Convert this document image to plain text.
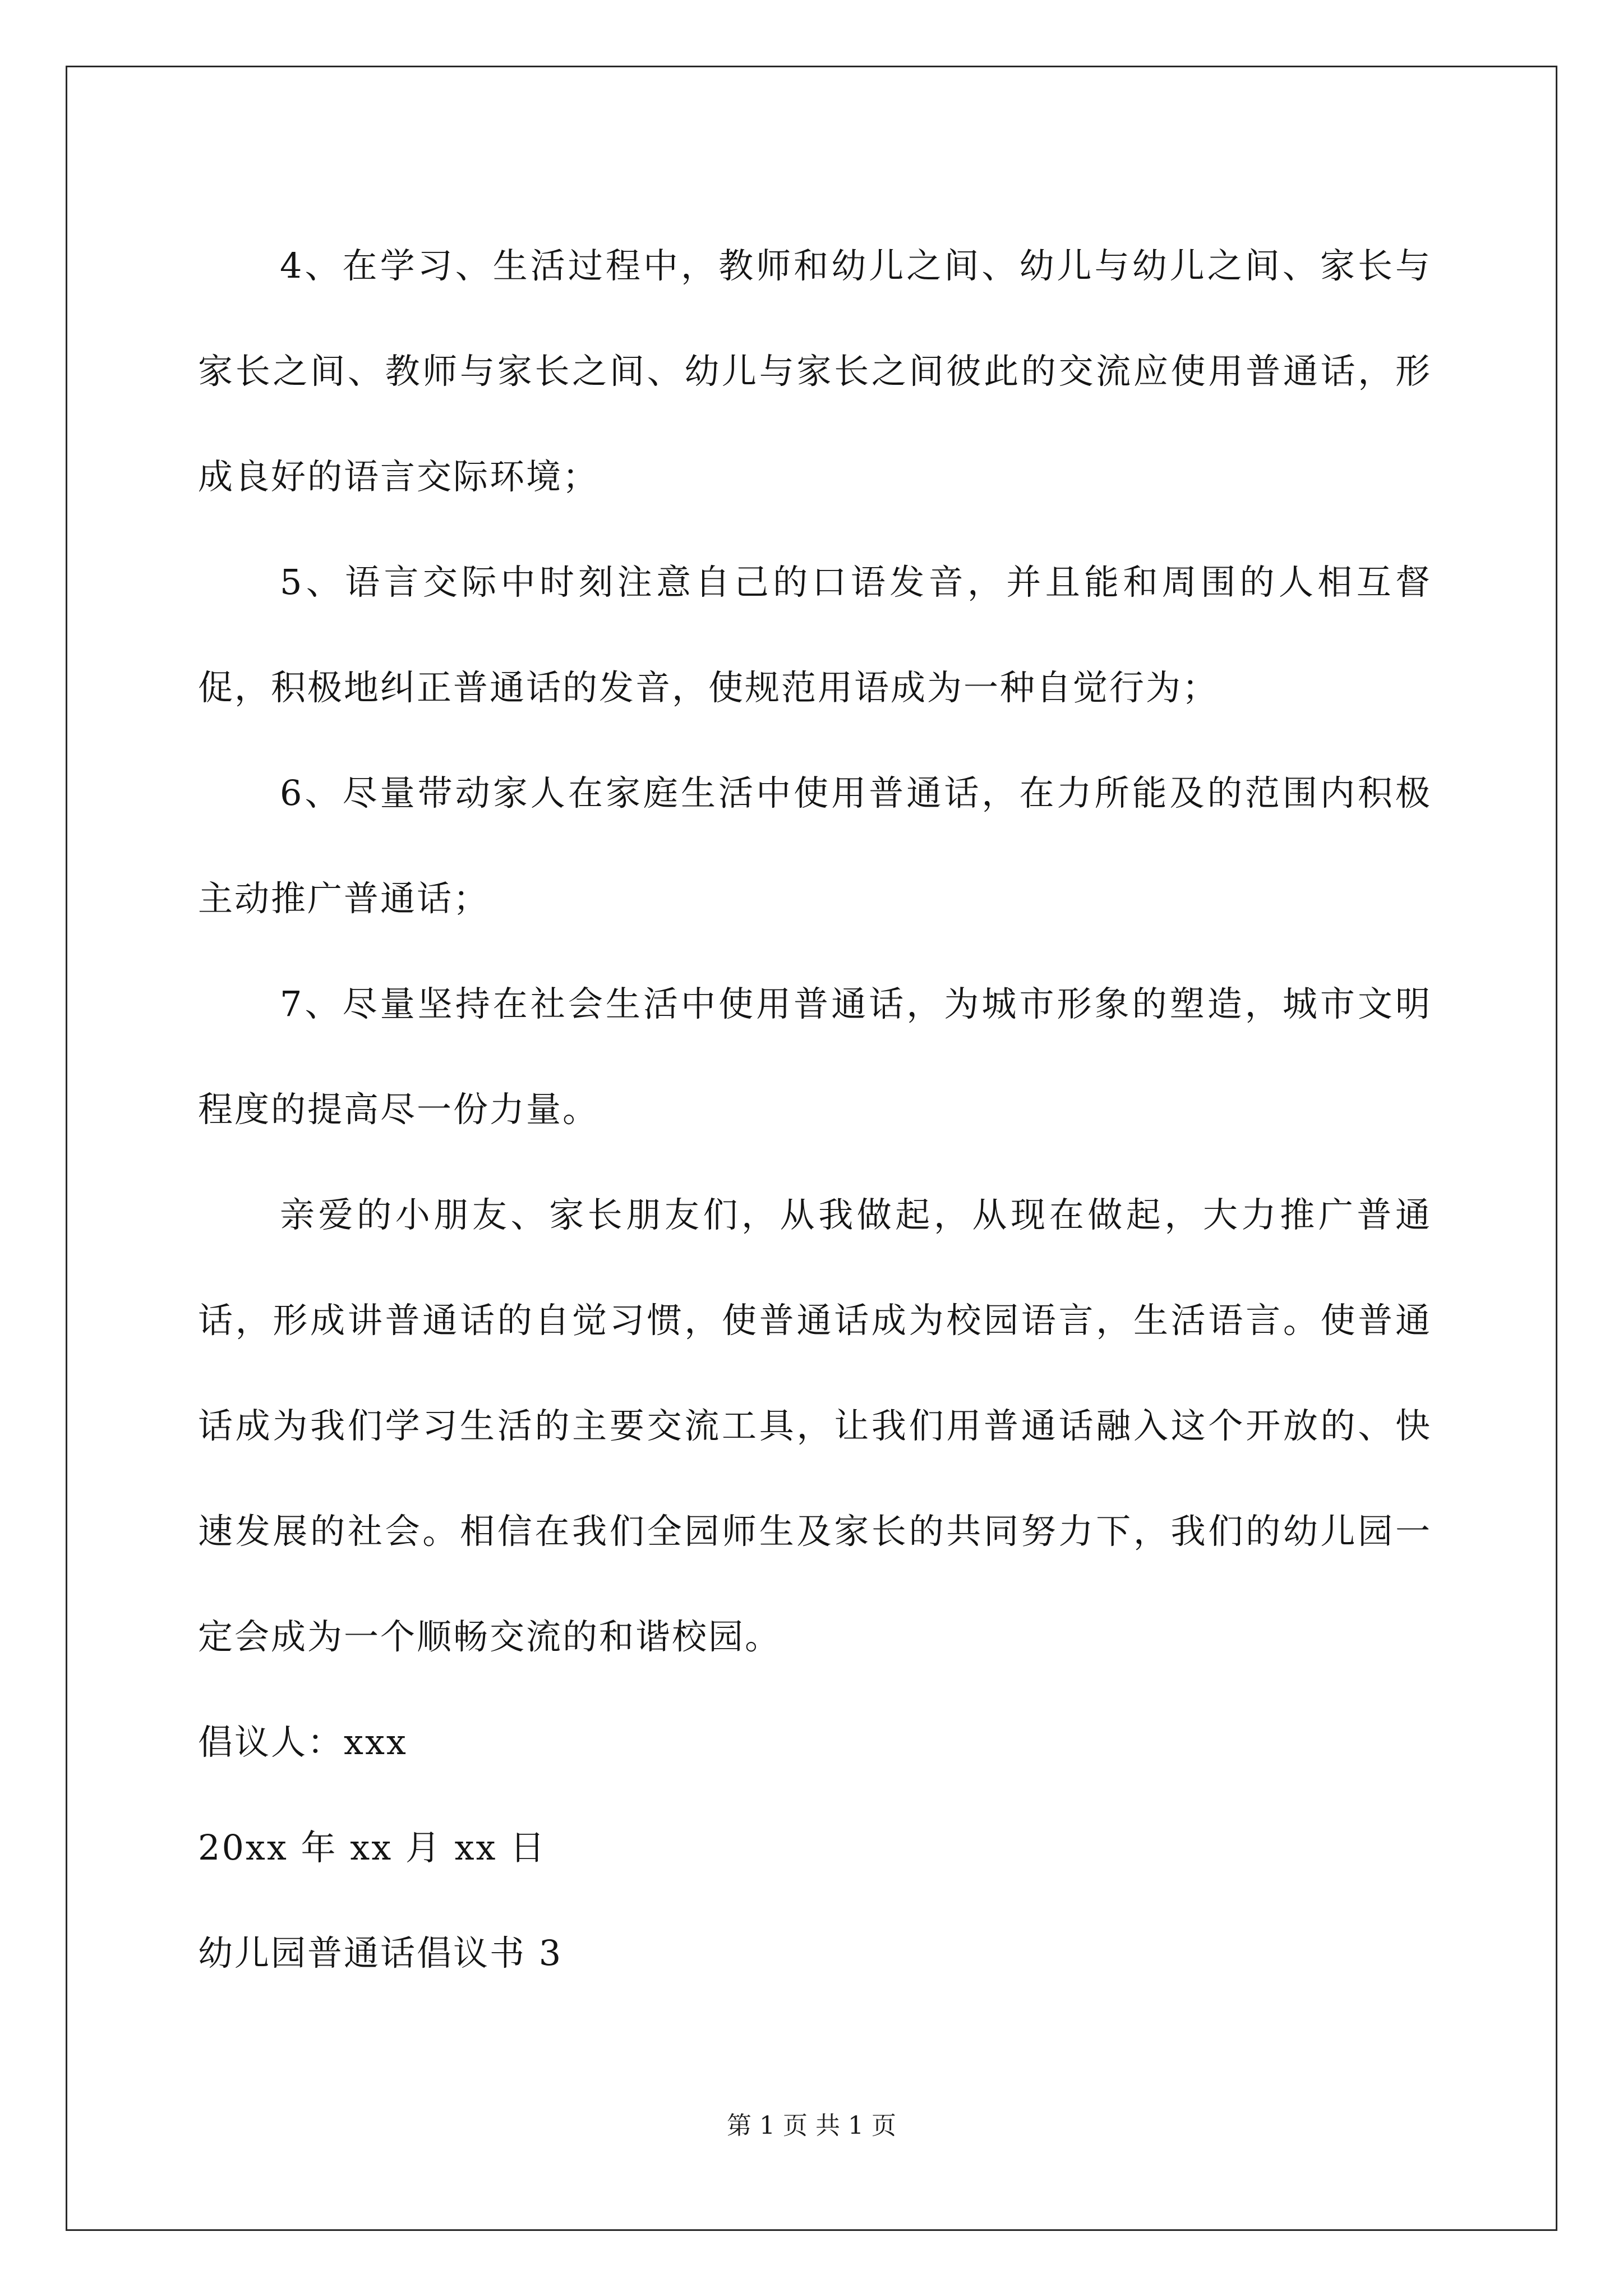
4、在学习、生活过程中，教师和幼儿之间、幼儿与幼儿之间、家长与家长之间、教师与家长之间、幼儿与家长之间彼此的交流应使用普通话，形成良好的语言交际环境；

5、语言交际中时刻注意自己的口语发音，并且能和周围的人相互督促，积极地纠正普通话的发音，使规范用语成为一种自觉行为；

6、尽量带动家人在家庭生活中使用普通话，在力所能及的范围内积极主动推广普通话；

7、尽量坚持在社会生活中使用普通话，为城市形象的塑造，城市文明程度的提高尽一份力量。

亲爱的小朋友、家长朋友们，从我做起，从现在做起，大力推广普通话，形成讲普通话的自觉习惯，使普通话成为校园语言，生活语言。使普通话成为我们学习生活的主要交流工具，让我们用普通话融入这个开放的、快速发展的社会。相信在我们全园师生及家长的共同努力下，我们的幼儿园一定会成为一个顺畅交流的和谐校园。

倡议人：xxx

20xx 年 xx 月 xx 日

幼儿园普通话倡议书 3

第 1 页 共 1 页
